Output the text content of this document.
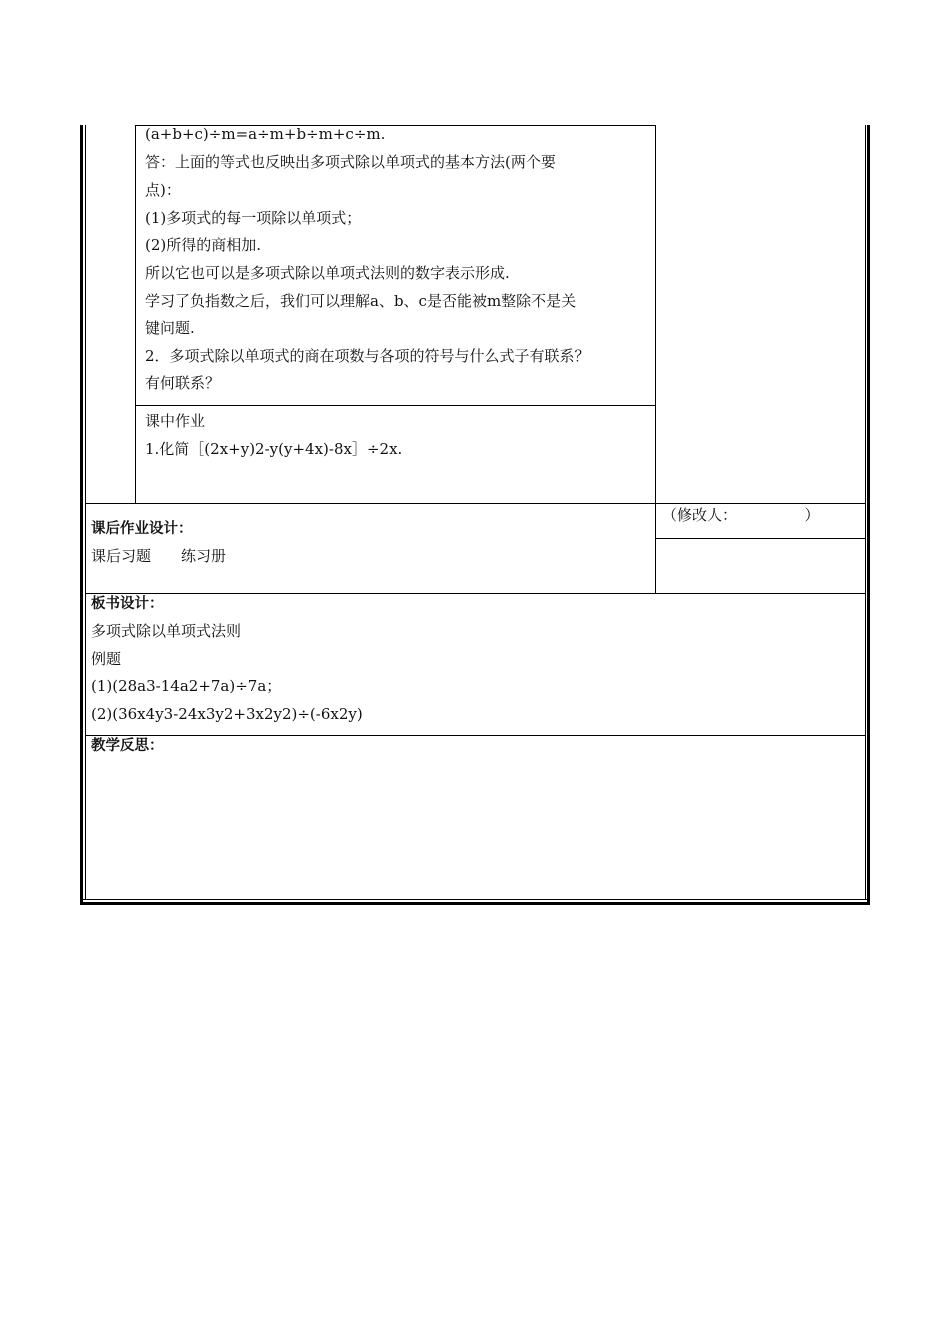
(a+b+c)÷m=a÷m+b÷m+c÷m.
答：上面的等式也反映出多项式除以单项式的基本方法(两个要
点)：
(1)多项式的每一项除以单项式；
(2)所得的商相加.
所以它也可以是多项式除以单项式法则的数字表示形成.
学习了负指数之后，我们可以理解a、b、c是否能被m整除不是关
键问题.
2．多项式除以单项式的商在项数与各项的符号与什么式子有联系？
有何联系？
课中作业
1.化简［(2x+y)2-y(y+4x)-8x］÷2x.
课后作业设计：
课后习题　　练习册
（修改人：　　　　　）
板书设计：
多项式除以单项式法则
例题
(1)(28a3-14a2+7a)÷7a；
(2)(36x4y3-24x3y2+3x2y2)÷(-6x2y)
教学反思：
